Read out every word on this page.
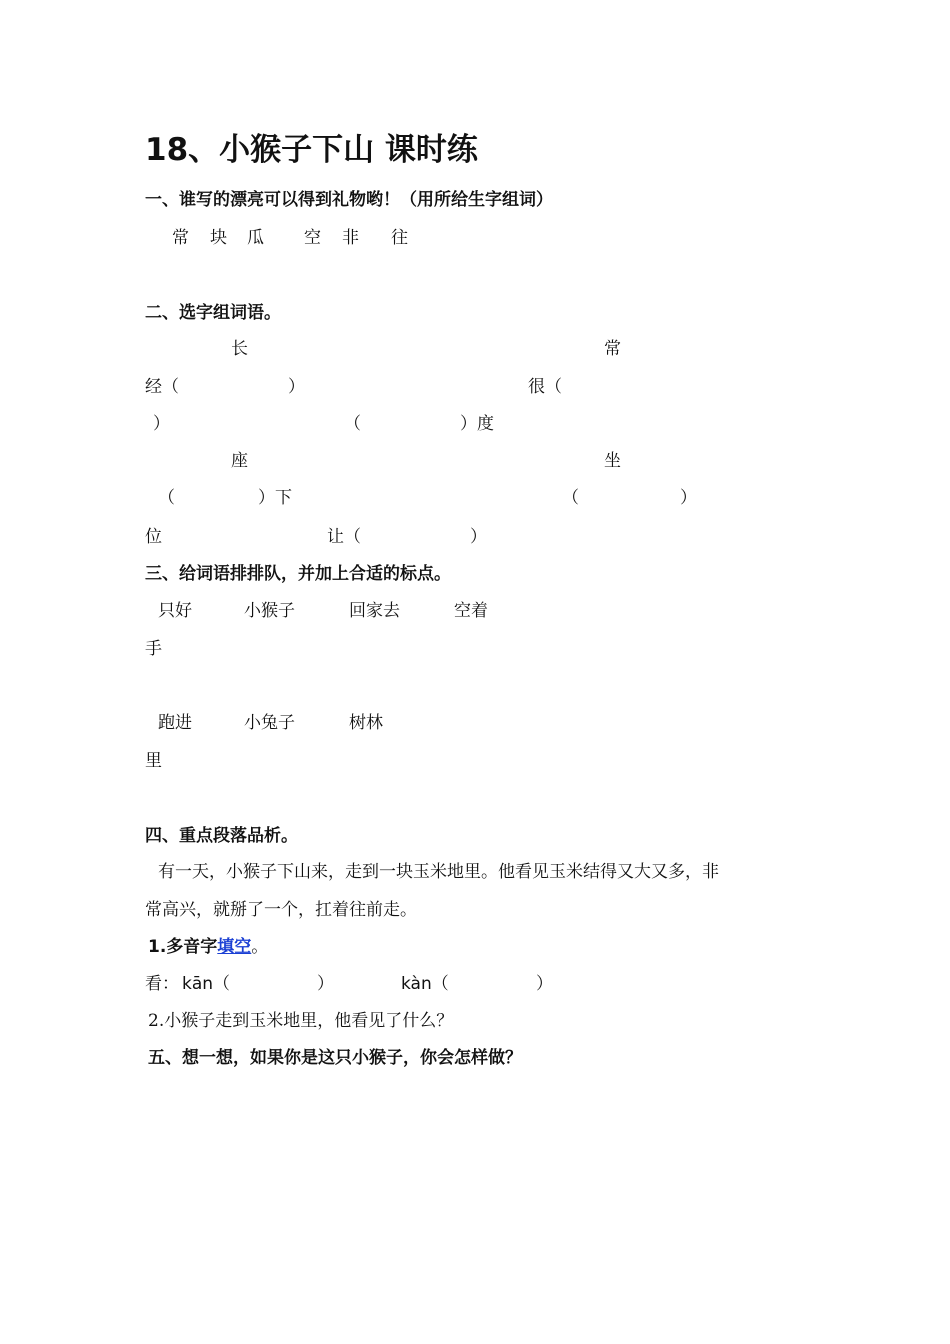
18、小猴子下山 课时练
一、谁写的漂亮可以得到礼物哟！（用所给生字组词）
常 块 瓜 空 非 往
二、选字组词语。
长	常
经（	）	很（
）	（	）度
座	坐
（	）下	（	）
位	让（	）
三、给词语排排队，并加上合适的标点。
只好	小猴子	回家去	空着
手
跑进	小兔子	树林
里
四、重点段落品析。
有一天，小猴子下山来，走到一块玉米地里。他看见玉米结得又大又多，非
常高兴，就掰了一个，扛着往前走。
1.多音字填空。
看： kān（	）	kàn（	）
2.小猴子走到玉米地里，他看见了什么？
五、想一想，如果你是这只小猴子，你会怎样做？
